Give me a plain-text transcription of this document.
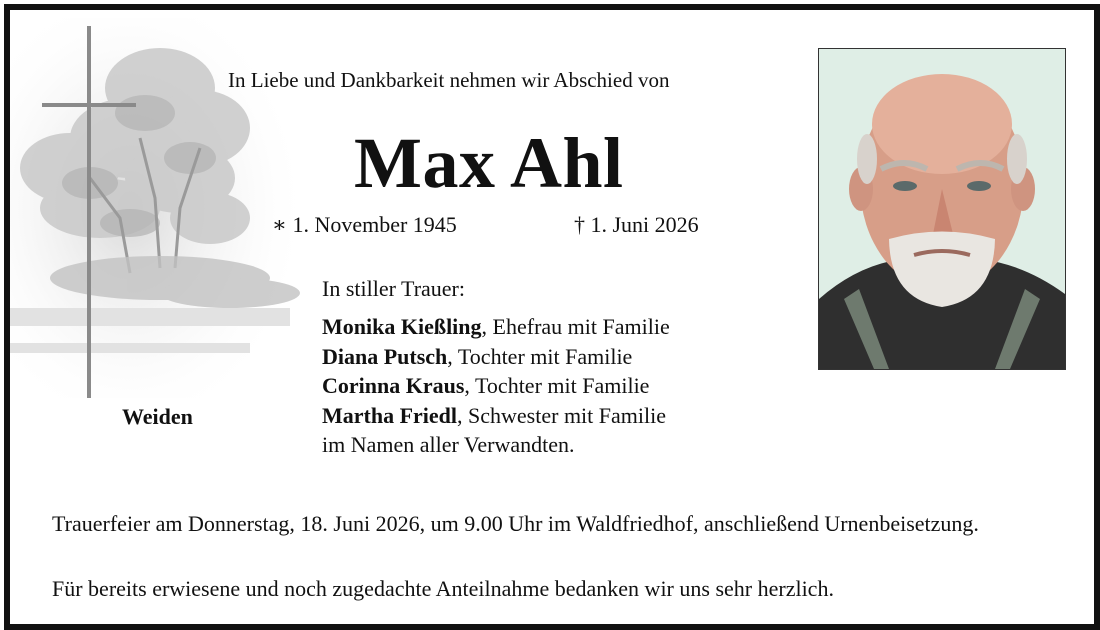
In Liebe und Dankbarkeit nehmen wir Abschied von
Max Ahl
∗ 1. November 1945	† 1. Juni 2026
In stiller Trauer:
Monika Kießling, Ehefrau mit Familie
Diana Putsch, Tochter mit Familie
Corinna Kraus, Tochter mit Familie
Martha Friedl, Schwester mit Familie
im Namen aller Verwandten.
Weiden
Trauerfeier am Donnerstag, 18. Juni 2026, um 9.00 Uhr im Waldfriedhof, anschließend Urnenbeisetzung.
Für bereits erwiesene und noch zugedachte Anteilnahme bedanken wir uns sehr herzlich.
